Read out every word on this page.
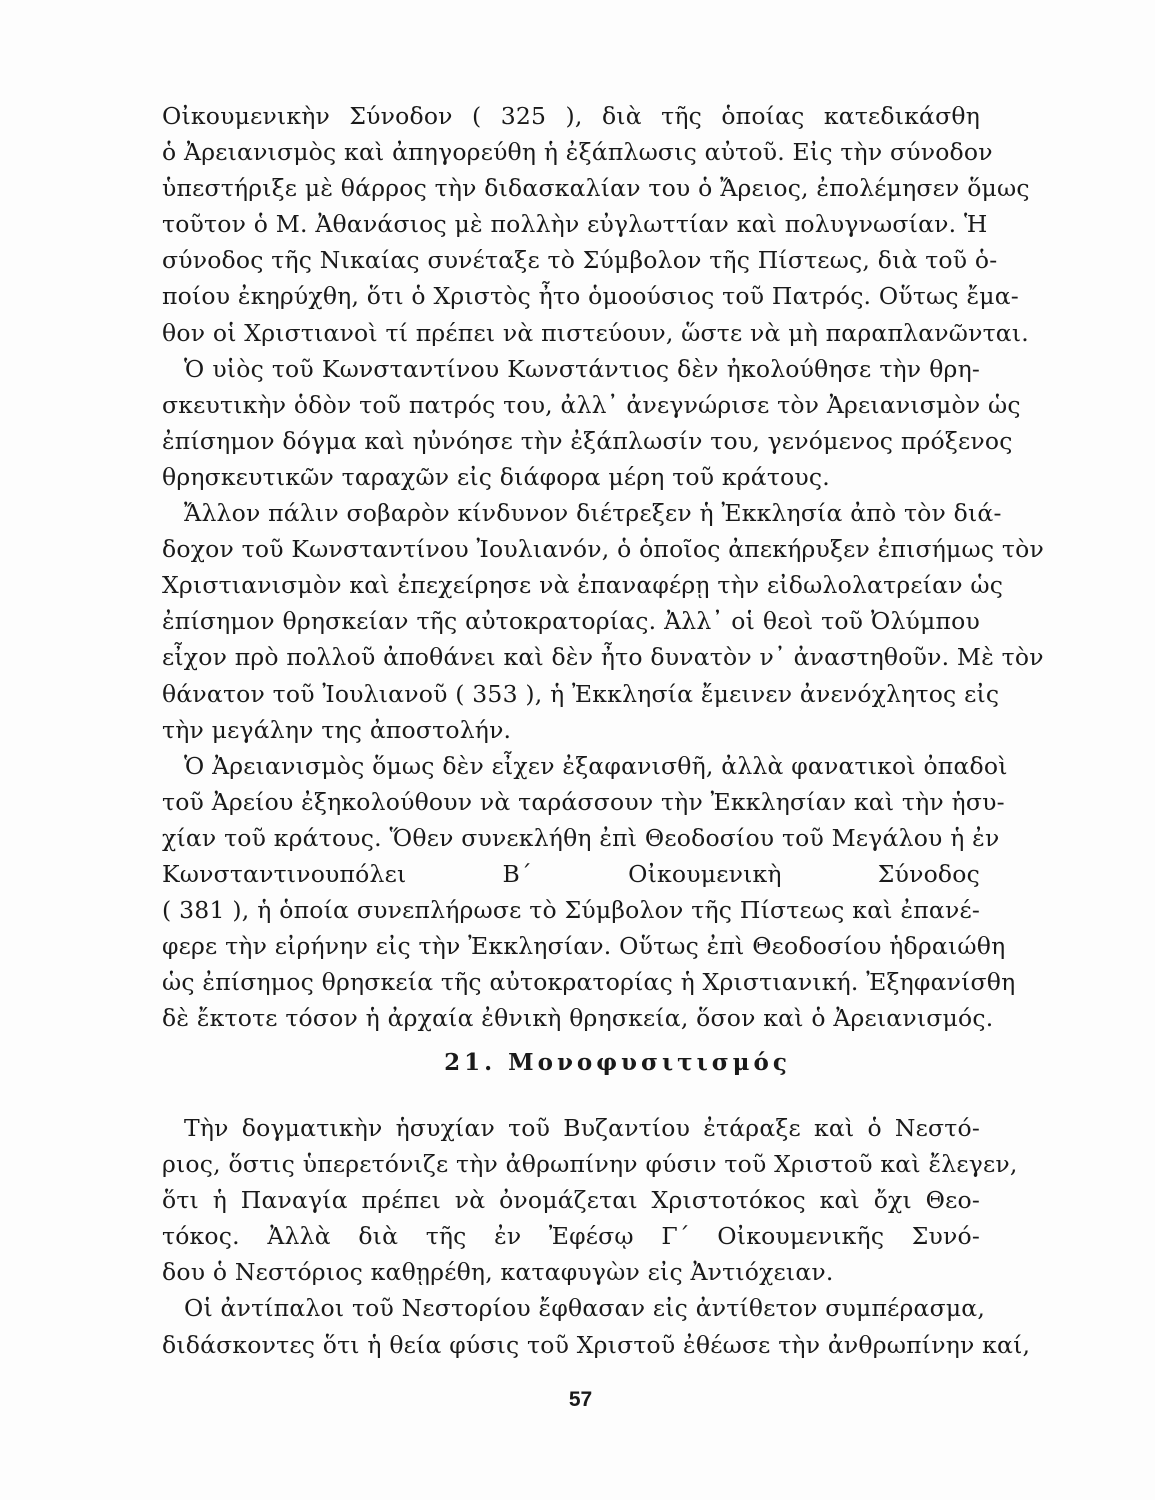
Οἰκουμενικὴν Σύνοδον ( 325 ), διὰ τῆς ὁποίας κατεδικάσθη
ὁ Ἀρειανισμὸς καὶ ἀπηγορεύθη ἡ ἐξάπλωσις αὐτοῦ. Εἰς τὴν σύνοδον
ὑπεστήριξε μὲ θάρρος τὴν διδασκαλίαν του ὁ Ἄρειος, ἐπολέμησεν ὅμως
τοῦτον ὁ Μ. Ἀθανάσιος μὲ πολλὴν εὐγλωττίαν καὶ πολυγνωσίαν. Ἡ
σύνοδος τῆς Νικαίας συνέταξε τὸ Σύμβολον τῆς Πίστεως, διὰ τοῦ ὁ-
ποίου ἐκηρύχθη, ὅτι ὁ Χριστὸς ἦτο ὁμοούσιος τοῦ Πατρός. Οὕτως ἔμα-
θον οἱ Χριστιανοὶ τί πρέπει νὰ πιστεύουν, ὥστε νὰ μὴ παραπλανῶνται.
Ὁ υἱὸς τοῦ Κωνσταντίνου Κωνστάντιος δὲν ἠκολούθησε τὴν θρη-
σκευτικὴν ὁδὸν τοῦ πατρός του, ἀλλ᾽ ἀνεγνώρισε τὸν Ἀρειανισμὸν ὡς
ἐπίσημον δόγμα καὶ ηὐνόησε τὴν ἐξάπλωσίν του, γενόμενος πρόξενος
θρησκευτικῶν ταραχῶν εἰς διάφορα μέρη τοῦ κράτους.
Ἄλλον πάλιν σοβαρὸν κίνδυνον διέτρεξεν ἡ Ἐκκλησία ἀπὸ τὸν διά-
δοχον τοῦ Κωνσταντίνου Ἰουλιανόν, ὁ ὁποῖος ἀπεκήρυξεν ἐπισήμως τὸν
Χριστιανισμὸν καὶ ἐπεχείρησε νὰ ἐπαναφέρῃ τὴν εἰδωλολατρείαν ὡς
ἐπίσημον θρησκείαν τῆς αὐτοκρατορίας. Ἀλλ᾽ οἱ θεοὶ τοῦ Ὀλύμπου
εἶχον πρὸ πολλοῦ ἀποθάνει καὶ δὲν ἦτο δυνατὸν ν᾽ ἀναστηθοῦν. Μὲ τὸν
θάνατον τοῦ Ἰουλιανοῦ ( 353 ), ἡ Ἐκκλησία ἔμεινεν ἀνενόχλητος εἰς
τὴν μεγάλην της ἀποστολήν.
Ὁ Ἀρειανισμὸς ὅμως δὲν εἶχεν ἐξαφανισθῆ, ἀλλὰ φανατικοὶ ὀπαδοὶ
τοῦ Ἀρείου ἐξηκολούθουν νὰ ταράσσουν τὴν Ἐκκλησίαν καὶ τὴν ἡσυ-
χίαν τοῦ κράτους. Ὅθεν συνεκλήθη ἐπὶ Θεοδοσίου τοῦ Μεγάλου ἡ ἐν
Κωνσταντινουπόλει Β΄ Οἰκουμενικὴ Σύνοδος
( 381 ), ἡ ὁποία συνεπλήρωσε τὸ Σύμβολον τῆς Πίστεως καὶ ἐπανέ-
φερε τὴν εἰρήνην εἰς τὴν Ἐκκλησίαν. Οὕτως ἐπὶ Θεοδοσίου ἡδραιώθη
ὡς ἐπίσημος θρησκεία τῆς αὐτοκρατορίας ἡ Χριστιανική. Ἐξηφανίσθη
δὲ ἔκτοτε τόσον ἡ ἀρχαία ἐθνικὴ θρησκεία, ὅσον καὶ ὁ Ἀρειανισμός.
21. Μονοφυσιτισμός
Τὴν δογματικὴν ἡσυχίαν τοῦ Βυζαντίου ἐτάραξε καὶ ὁ Νεστό-
ριος, ὅστις ὑπερετόνιζε τὴν ἀθρωπίνην φύσιν τοῦ Χριστοῦ καὶ ἔλεγεν,
ὅτι ἡ Παναγία πρέπει νὰ ὀνομάζεται Χριστοτόκος καὶ ὄχι Θεο-
τόκος. Ἀλλὰ διὰ τῆς ἐν Ἐφέσῳ Γ΄ Οἰκουμενικῆς Συνό-
δου ὁ Νεστόριος καθῃρέθη, καταφυγὼν εἰς Ἀντιόχειαν.
Οἱ ἀντίπαλοι τοῦ Νεστορίου ἔφθασαν εἰς ἀντίθετον συμπέρασμα,
διδάσκοντες ὅτι ἡ θεία φύσις τοῦ Χριστοῦ ἐθέωσε τὴν ἀνθρωπίνην καί,
57
